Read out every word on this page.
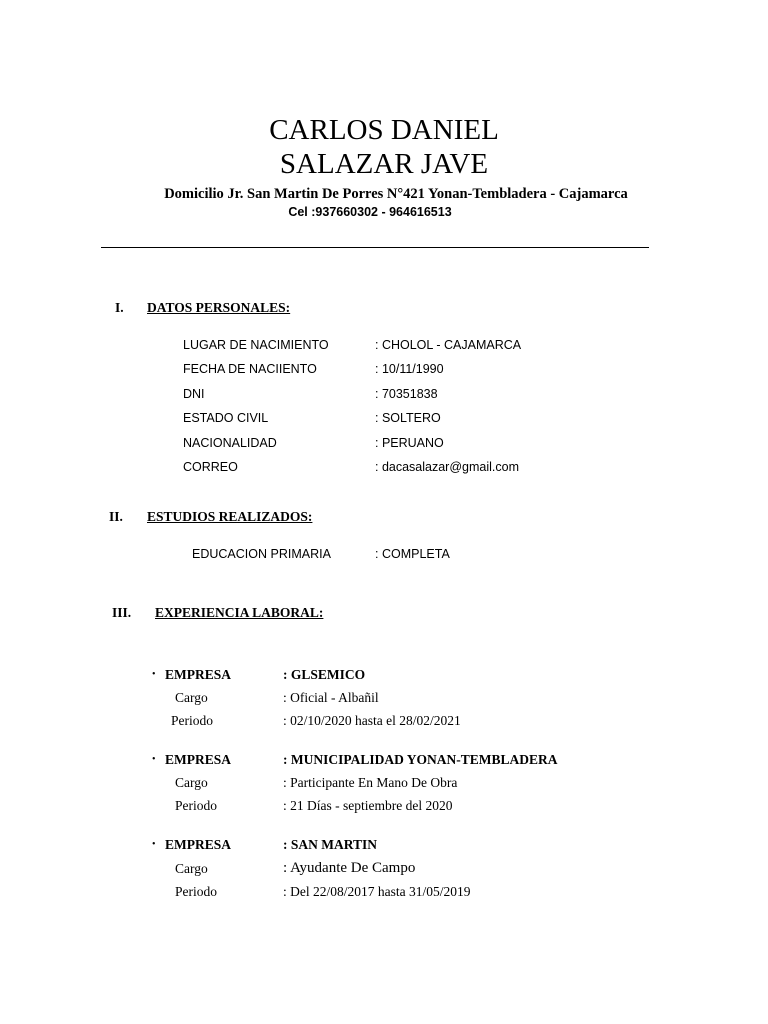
CARLOS DANIEL
SALAZAR JAVE
Domicilio Jr. San Martin De Porres N°421 Yonan-Tembladera - Cajamarca
Cel :937660302 - 964616513
I. DATOS PERSONALES:
LUGAR DE NACIMIENTO	: CHOLOL - CAJAMARCA
FECHA DE NACIIENTO	: 10/11/1990
DNI	: 70351838
ESTADO CIVIL	: SOLTERO
NACIONALIDAD	: PERUANO
CORREO	: dacasalazar@gmail.com
II. ESTUDIOS REALIZADOS:
EDUCACION PRIMARIA	: COMPLETA
III. EXPERIENCIA LABORAL:
• EMPRESA	: GLSEMICO
Cargo	: Oficial - Albañil
Periodo	: 02/10/2020 hasta el 28/02/2021
• EMPRESA	: MUNICIPALIDAD YONAN-TEMBLADERA
Cargo	: Participante En Mano De Obra
Periodo	: 21 Días - septiembre del 2020
• EMPRESA	: SAN MARTIN
Cargo	: Ayudante De Campo
Periodo	: Del 22/08/2017 hasta 31/05/2019
